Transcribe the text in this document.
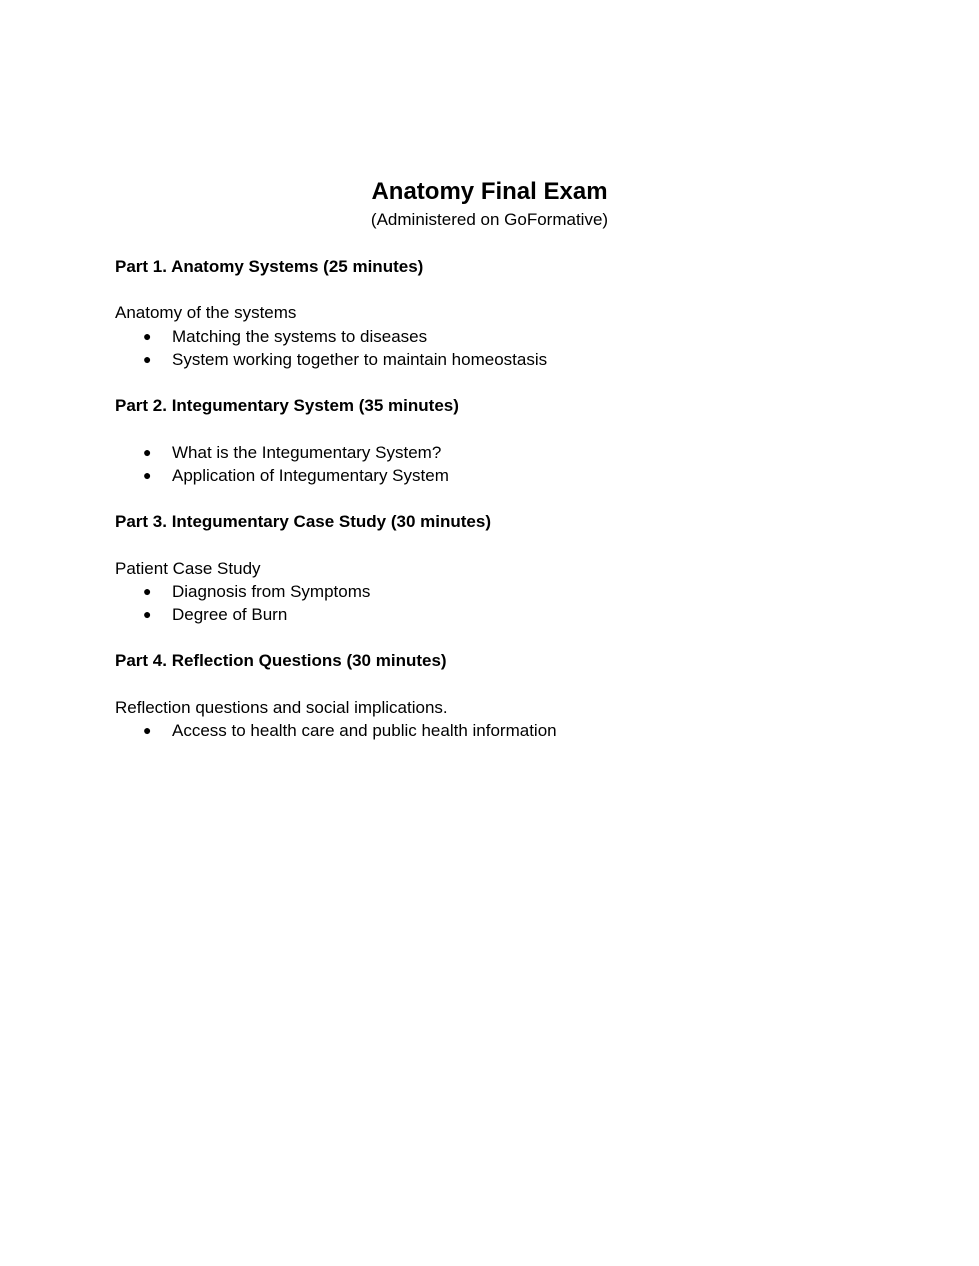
Anatomy Final Exam

(Administered on GoFormative)

Part 1. Anatomy Systems (25 minutes)

Anatomy of the systems

● Matching the systems to diseases
● System working together to maintain homeostasis

Part 2. Integumentary System (35 minutes)

● What is the Integumentary System?
● Application of Integumentary System

Part 3. Integumentary Case Study (30 minutes)

Patient Case Study

● Diagnosis from Symptoms
● Degree of Burn

Part 4. Reflection Questions (30 minutes)

Reflection questions and social implications.

● Access to health care and public health information
